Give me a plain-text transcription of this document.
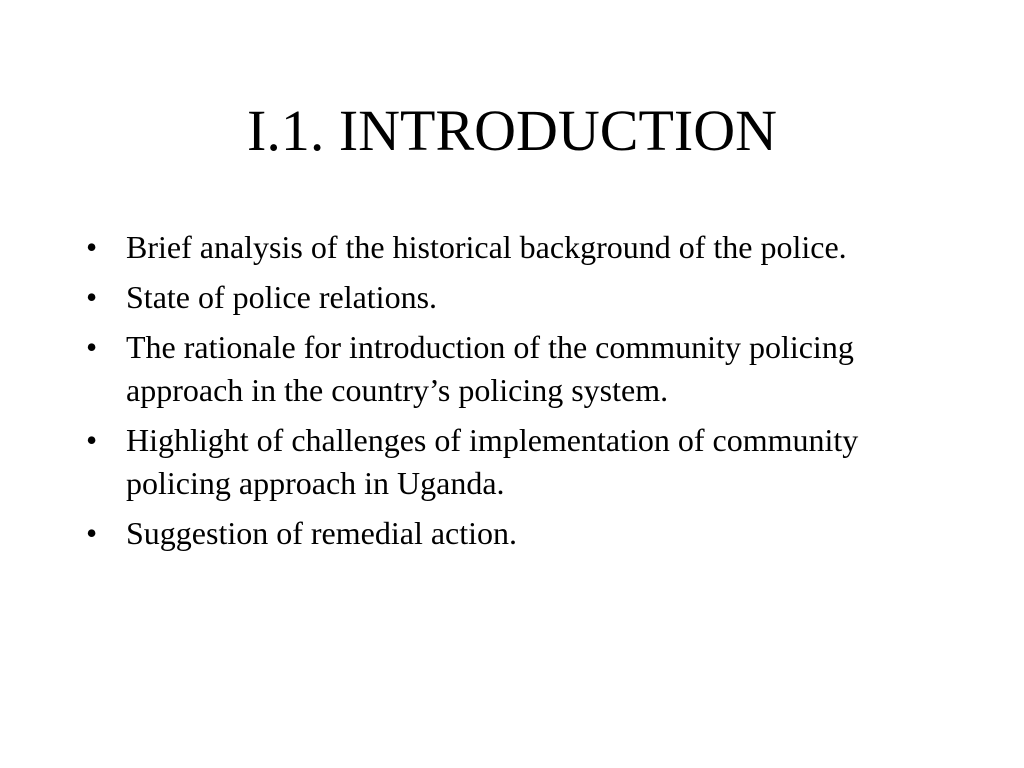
I.1. INTRODUCTION
• Brief analysis of the historical background of the police.
• State of police relations.
• The rationale for introduction of the community policing approach in the country’s policing system.
• Highlight of challenges of implementation of community policing approach in Uganda.
• Suggestion of remedial action.
